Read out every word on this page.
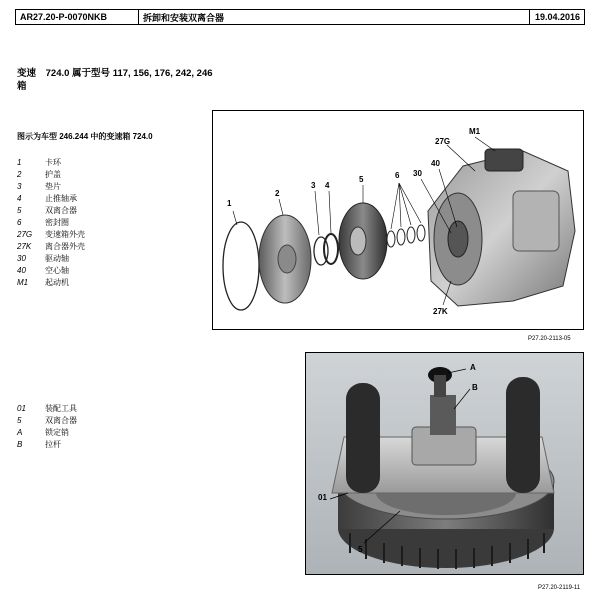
AR27.20-P-0070NKB	拆卸和安装双离合器	19.04.2016
变速 724.0 属于型号 117, 156, 176, 242, 246
箱
图示为车型 246.244 中的变速箱 724.0
1	卡环
2	护盖
3	垫片
4	止推轴承
5	双离合器
6	密封圈
27G	变速箱外壳
27K	离合器外壳
30	驱动轴
40	空心轴
M1	起动机
1
2
3 4
5	6
27G
M1
40
30
27K
P27.20-2113-05
01	装配工具
5	双离合器
A	锁定销
B	拉杆
A
B
01
5
P27.20-2119-11
